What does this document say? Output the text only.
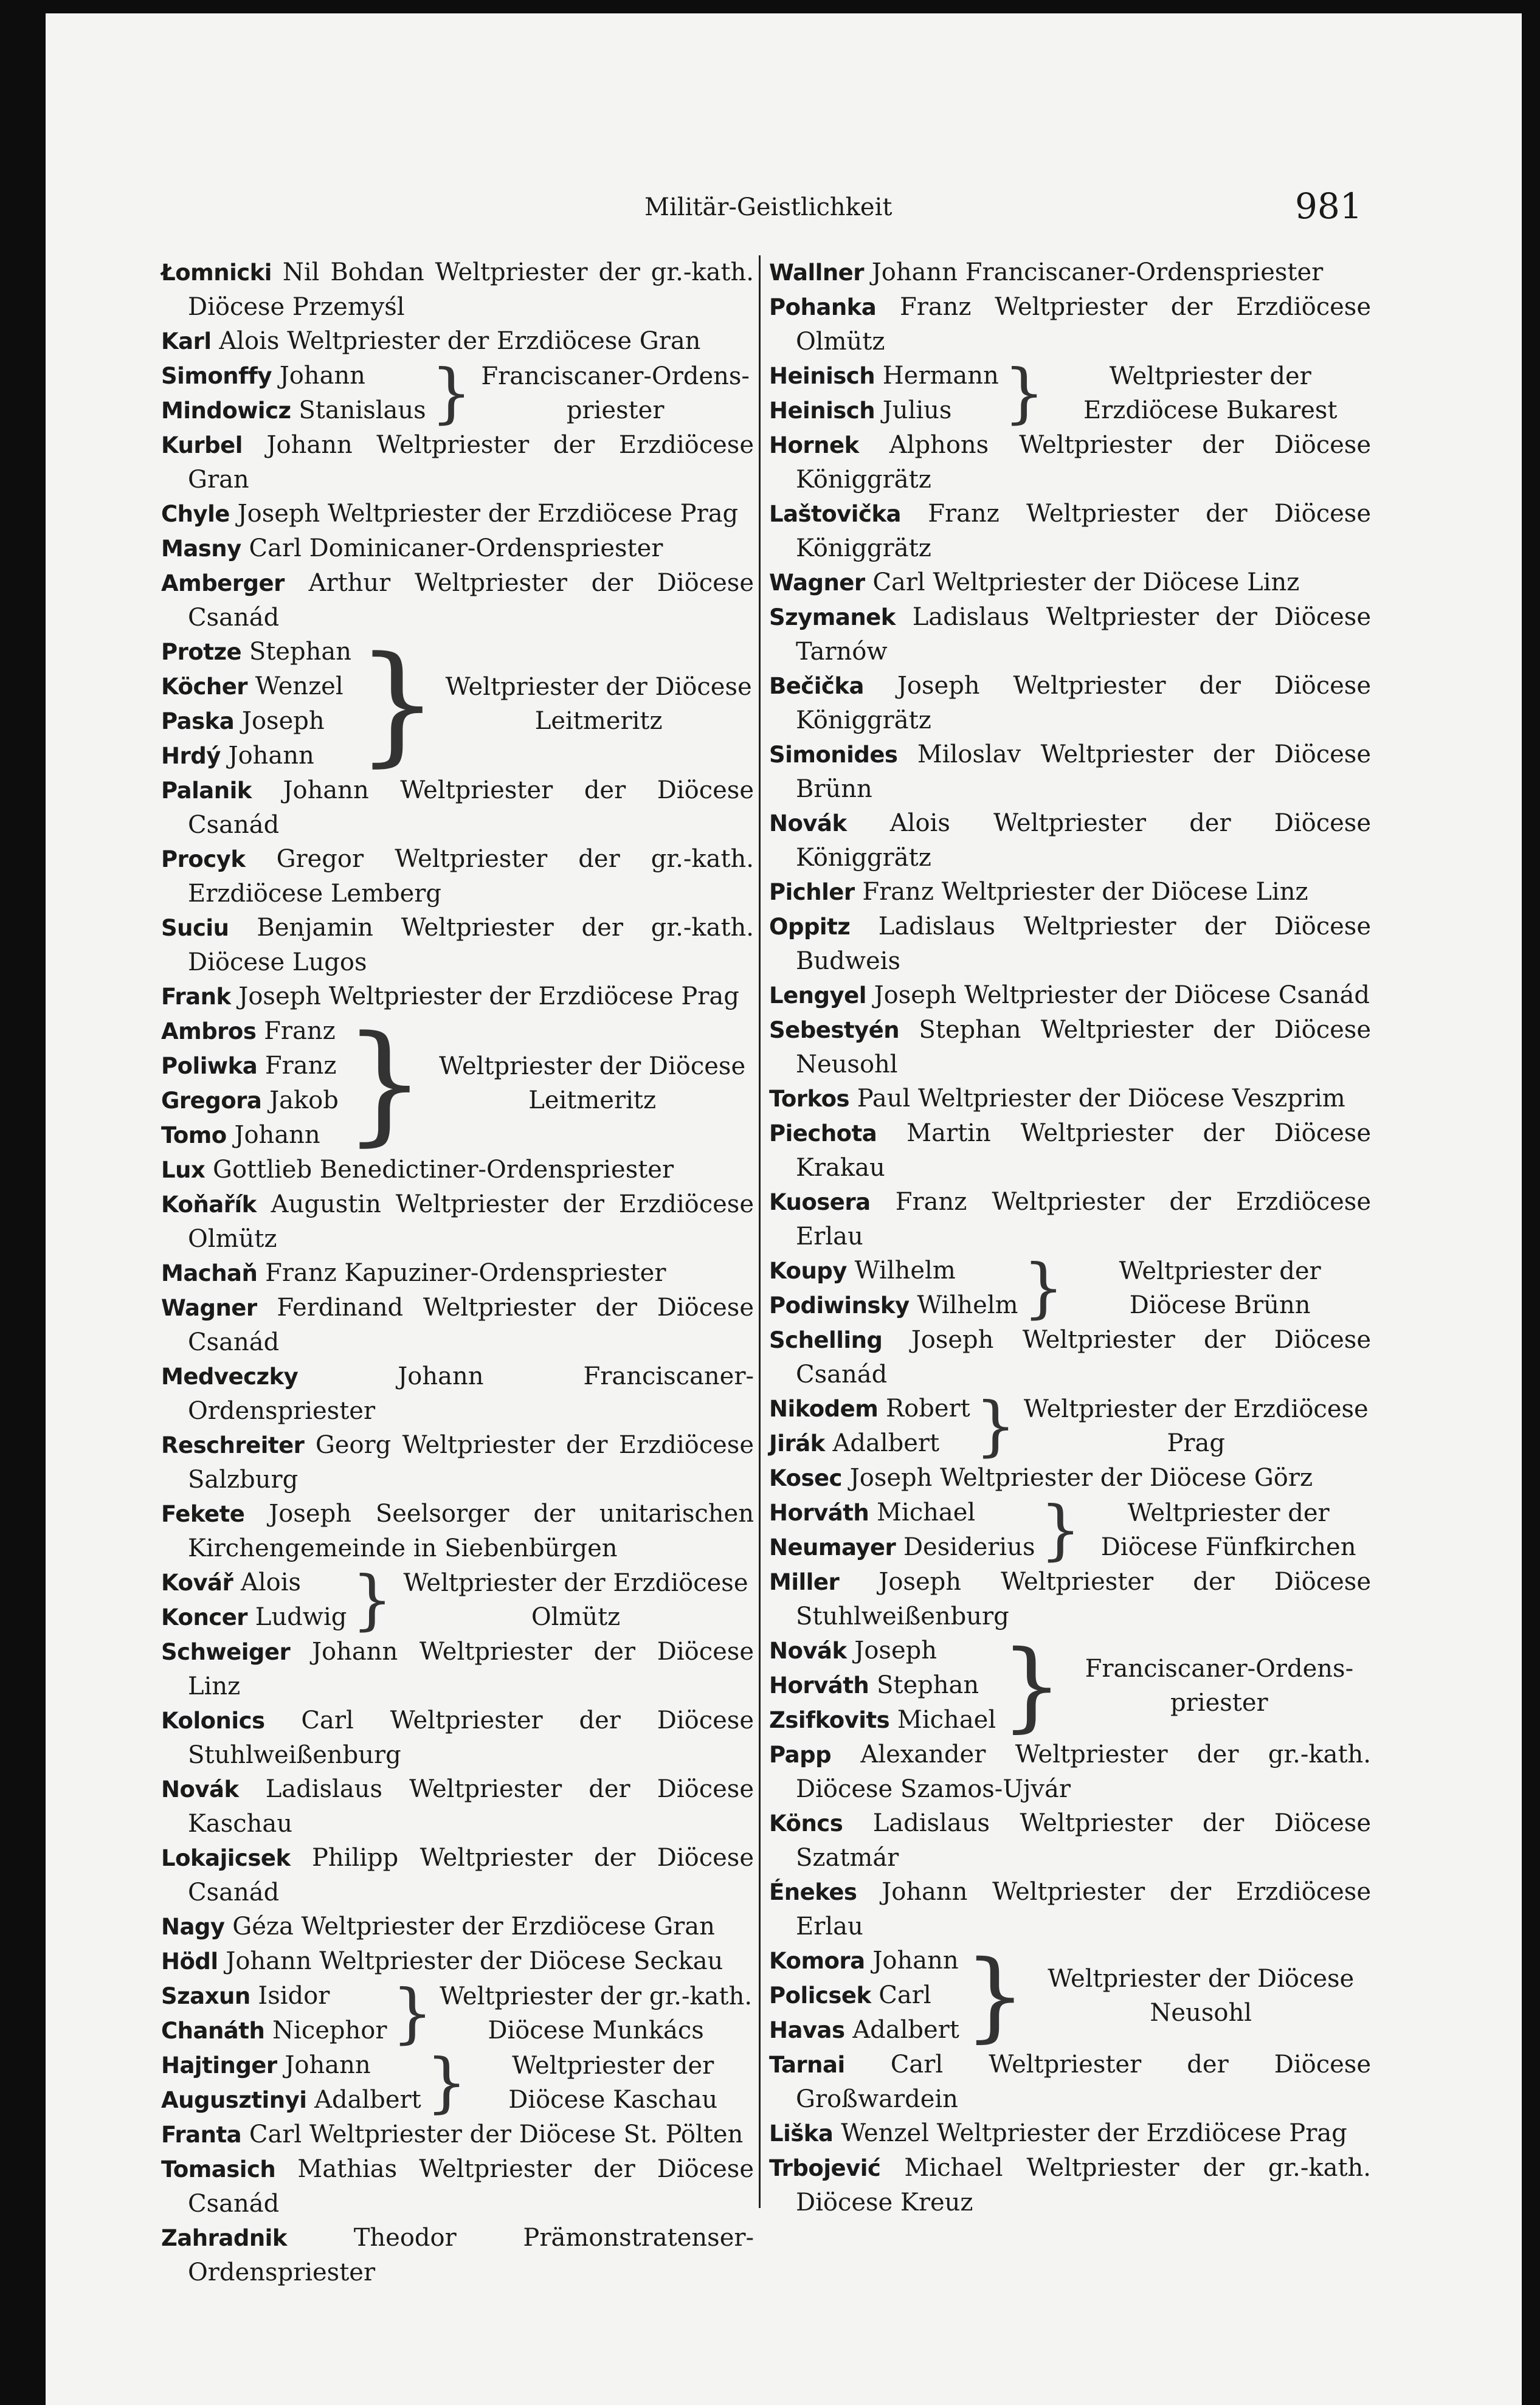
Militär-Geistlichkeit	981

Łomnicki Nil Bohdan Weltpriester der gr.-kath. Diöcese Przemyśl

Karl Alois Weltpriester der Erzdiöcese Gran

Simonffy Johann
Mindowicz Stanislaus } Franciscaner-Ordens-priester

Kurbel Johann Weltpriester der Erzdiöcese Gran

Chyle Joseph Weltpriester der Erzdiöcese Prag

Masny Carl Dominicaner-Ordenspriester

Amberger Arthur Weltpriester der Diöcese Csanád

Protze Stephan
Köcher Wenzel
Paska Joseph
Hrdý Johann } Weltpriester der Diöcese Leitmeritz

Palanik Johann Weltpriester der Diöcese Csanád

Procyk Gregor Weltpriester der gr.-kath. Erzdiöcese Lemberg

Suciu Benjamin Weltpriester der gr.-kath. Diöcese Lugos

Frank Joseph Weltpriester der Erzdiöcese Prag

Ambros Franz
Poliwka Franz
Gregora Jakob
Tomo Johann } Weltpriester der Diöcese Leitmeritz

Lux Gottlieb Benedictiner-Ordenspriester

Koňařík Augustin Weltpriester der Erzdiöcese Olmütz

Machaň Franz Kapuziner-Ordenspriester

Wagner Ferdinand Weltpriester der Diöcese Csanád

Medveczky	Johann Franciscaner-Ordenspriester

Reschreiter Georg Weltpriester der Erzdiöcese Salzburg

Fekete Joseph Seelsorger der unitarischen Kirchengemeinde in Siebenbürgen

Kovář Alois
Koncer Ludwig } Weltpriester der Erzdiöcese Olmütz

Schweiger Johann Weltpriester der Diöcese Linz

Kolonics Carl Weltpriester der Diöcese Stuhlweißenburg

Novák Ladislaus Weltpriester der Diöcese Kaschau

Lokajicsek Philipp Weltpriester der Diöcese Csanád

Nagy Géza Weltpriester der Erzdiöcese Gran

Hödl Johann Weltpriester der Diöcese Seckau

Szaxun Isidor
Chanáth Nicephor } Weltpriester der gr.-kath. Diöcese Munkács
Hajtinger Johann
Augusztinyi Adalbert }	Weltpriester der Diöcese Kaschau

Franta Carl Weltpriester der Diöcese St. Pölten

Tomasich Mathias Weltpriester der Diöcese Csanád

Zahradnik	Theodor Prämonstratenser-Ordenspriester

Wallner Johann Franciscaner-Ordenspriester

Pohanka Franz Weltpriester der Erzdiöcese Olmütz

Heinisch Hermann
Heinisch Julius }	Weltpriester der Erzdiöcese Bukarest

Hornek Alphons Weltpriester der Diöcese Königgrätz

Laštovička Franz Weltpriester der Diöcese Königgrätz

Wagner Carl Weltpriester der Diöcese Linz

Szymanek Ladislaus Weltpriester der Diöcese Tarnów

Bečička Joseph Weltpriester der Diöcese Königgrätz

Simonides Miloslav Weltpriester der Diöcese Brünn

Novák Alois Weltpriester der Diöcese Königgrätz

Pichler Franz Weltpriester der Diöcese Linz

Oppitz Ladislaus Weltpriester der Diöcese Budweis

Lengyel Joseph Weltpriester der Diöcese Csanád

Sebestyén Stephan Weltpriester der Diöcese Neusohl

Torkos Paul Weltpriester der Diöcese Veszprim

Piechota Martin Weltpriester der Diöcese Krakau

Kuosera Franz Weltpriester der Erzdiöcese Erlau

Koupy Wilhelm
Podiwinsky Wilhelm }	Weltpriester der Diöcese Brünn

Schelling Joseph Weltpriester der Diöcese Csanád

Nikodem Robert
Jirák Adalbert } Weltpriester der Erzdiöcese Prag

Kosec Joseph Weltpriester der Diöcese Görz

Horváth Michael
Neumayer Desiderius }	Weltpriester der Diöcese Fünfkirchen

Miller Joseph Weltpriester der Diöcese Stuhlweißenburg

Novák Joseph
Horváth Stephan
Zsifkovits Michael } Franciscaner-Ordens-priester

Papp Alexander Weltpriester der gr.-kath. Diöcese Szamos-Ujvár

Köncs Ladislaus Weltpriester der Diöcese Szatmár

Énekes Johann Weltpriester der Erzdiöcese Erlau

Komora Johann
Policsek Carl
Havas Adalbert } Weltpriester der Diöcese Neusohl

Tarnai Carl Weltpriester der Diöcese Großwardein

Liška Wenzel Weltpriester der Erzdiöcese Prag

Trbojević Michael Weltpriester der gr.-kath. Diöcese Kreuz
